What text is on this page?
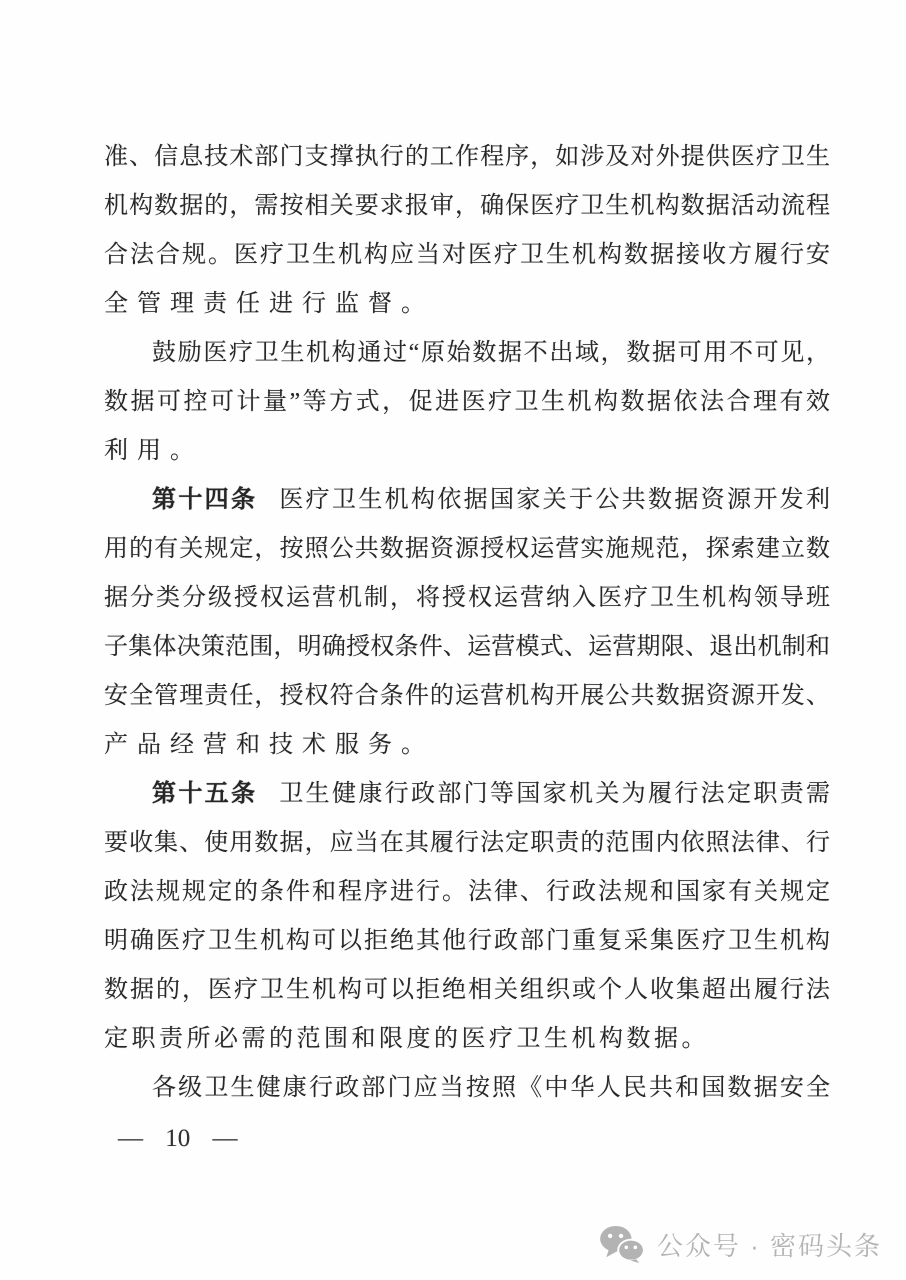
准、信息技术部门支撑执行的工作程序，如涉及对外提供医疗卫生
机构数据的，需按相关要求报审，确保医疗卫生机构数据活动流程
合法合规。医疗卫生机构应当对医疗卫生机构数据接收方履行安
全管理责任进行监督。
鼓励医疗卫生机构通过“原始数据不出域，数据可用不可见，
数据可控可计量”等方式，促进医疗卫生机构数据依法合理有效
利用。
第十四条 医疗卫生机构依据国家关于公共数据资源开发利
用的有关规定，按照公共数据资源授权运营实施规范，探索建立数
据分类分级授权运营机制，将授权运营纳入医疗卫生机构领导班
子集体决策范围，明确授权条件、运营模式、运营期限、退出机制和
安全管理责任，授权符合条件的运营机构开展公共数据资源开发、
产品经营和技术服务。
第十五条 卫生健康行政部门等国家机关为履行法定职责需
要收集、使用数据，应当在其履行法定职责的范围内依照法律、行
政法规规定的条件和程序进行。法律、行政法规和国家有关规定
明确医疗卫生机构可以拒绝其他行政部门重复采集医疗卫生机构
数据的，医疗卫生机构可以拒绝相关组织或个人收集超出履行法
定职责所必需的范围和限度的医疗卫生机构数据。
各级卫生健康行政部门应当按照《中华人民共和国数据安全
— 10 —
公众号 · 密码头条
